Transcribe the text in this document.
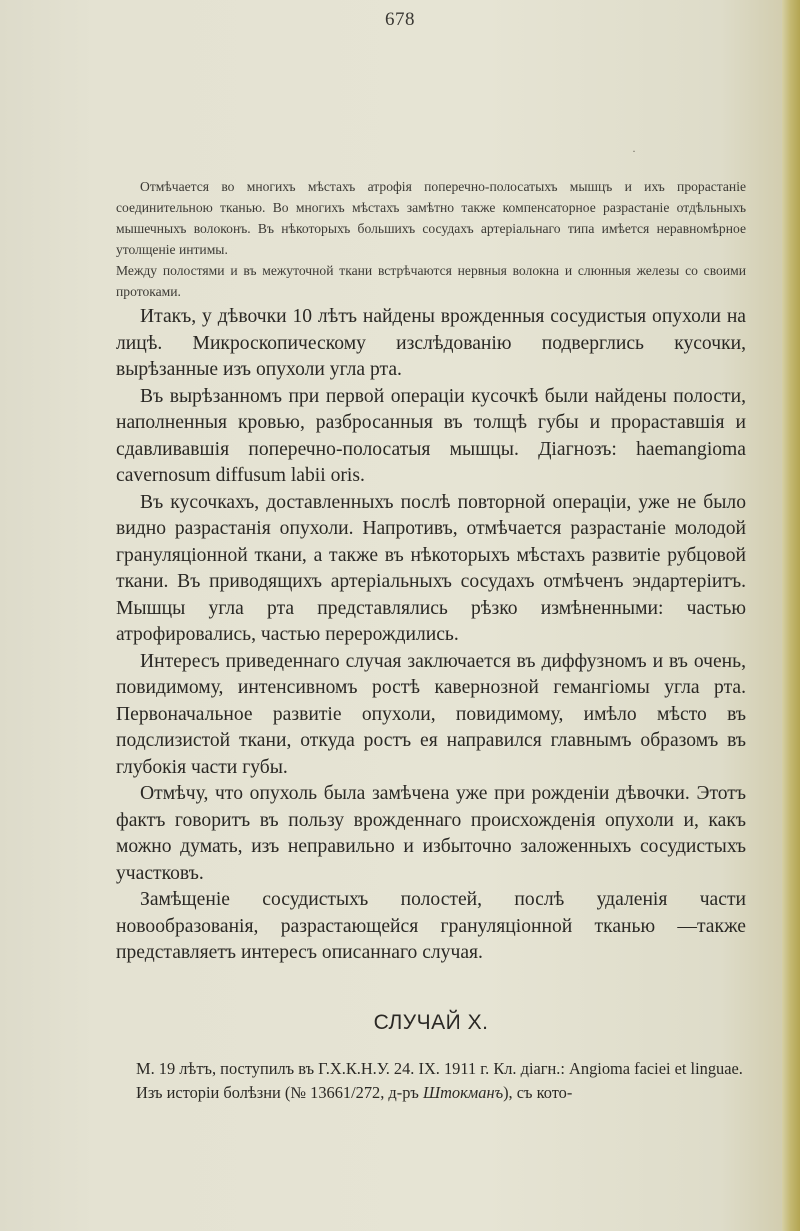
678
·

Отмѣчается во многихъ мѣстахъ атрофія поперечно-полосатыхъ мышцъ и ихъ прорастаніе соединительною тканью. Во многихъ мѣстахъ замѣтно также компенсаторное разрастаніе отдѣльныхъ мышечныхъ волоконъ. Въ нѣкоторыхъ большихъ сосудахъ артеріальнаго типа имѣется неравномѣрное утолщеніе интимы.

Между полостями и въ межуточной ткани встрѣчаются нервныя волокна и слюнныя железы со своими протоками.

Итакъ, у дѣвочки 10 лѣтъ найдены врожденныя сосудистыя опухоли на лицѣ. Микроскопическому изслѣдованію подверглись кусочки, вырѣзанные изъ опухоли угла рта.

Въ вырѣзанномъ при первой операціи кусочкѣ были найдены полости, наполненныя кровью, разбросанныя въ толщѣ губы и прораставшія и сдавливавшія поперечно-полосатыя мышцы. Діагнозъ: haemangioma cavernosum diffusum labii oris.

Въ кусочкахъ, доставленныхъ послѣ повторной операціи, уже не было видно разрастанія опухоли. Напротивъ, отмѣчается разрастаніе молодой грануляціонной ткани, а также въ нѣкоторыхъ мѣстахъ развитіе рубцовой ткани. Въ приводящихъ артеріальныхъ сосудахъ отмѣченъ эндартеріитъ. Мышцы угла рта представлялись рѣзко измѣненными: частью атрофировались, частью перерождились.

Интересъ приведеннаго случая заключается въ диффузномъ и въ очень, повидимому, интенсивномъ ростѣ кавернозной гемангіомы угла рта. Первоначальное развитіе опухоли, повидимому, имѣло мѣсто въ подслизистой ткани, откуда ростъ ея направился главнымъ образомъ въ глубокія части губы.

Отмѣчу, что опухоль была замѣчена уже при рожденіи дѣвочки. Этотъ фактъ говоритъ въ пользу врожденнаго происхожденія опухоли и, какъ можно думать, изъ неправильно и избыточно заложенныхъ сосудистыхъ участковъ.

Замѣщеніе сосудистыхъ полостей, послѣ удаленія части новообразованія, разрастающейся грануляціонной тканью —также представляетъ интересъ описаннаго случая.

СЛУЧАЙ X.

М. 19 лѣтъ, поступилъ въ Г.Х.К.Н.У. 24. IX. 1911 г. Кл. діагн.: Angioma faciei et linguae.

Изъ исторіи болѣзни (№ 13661/272, д-ръ Штокманъ), съ кото-
